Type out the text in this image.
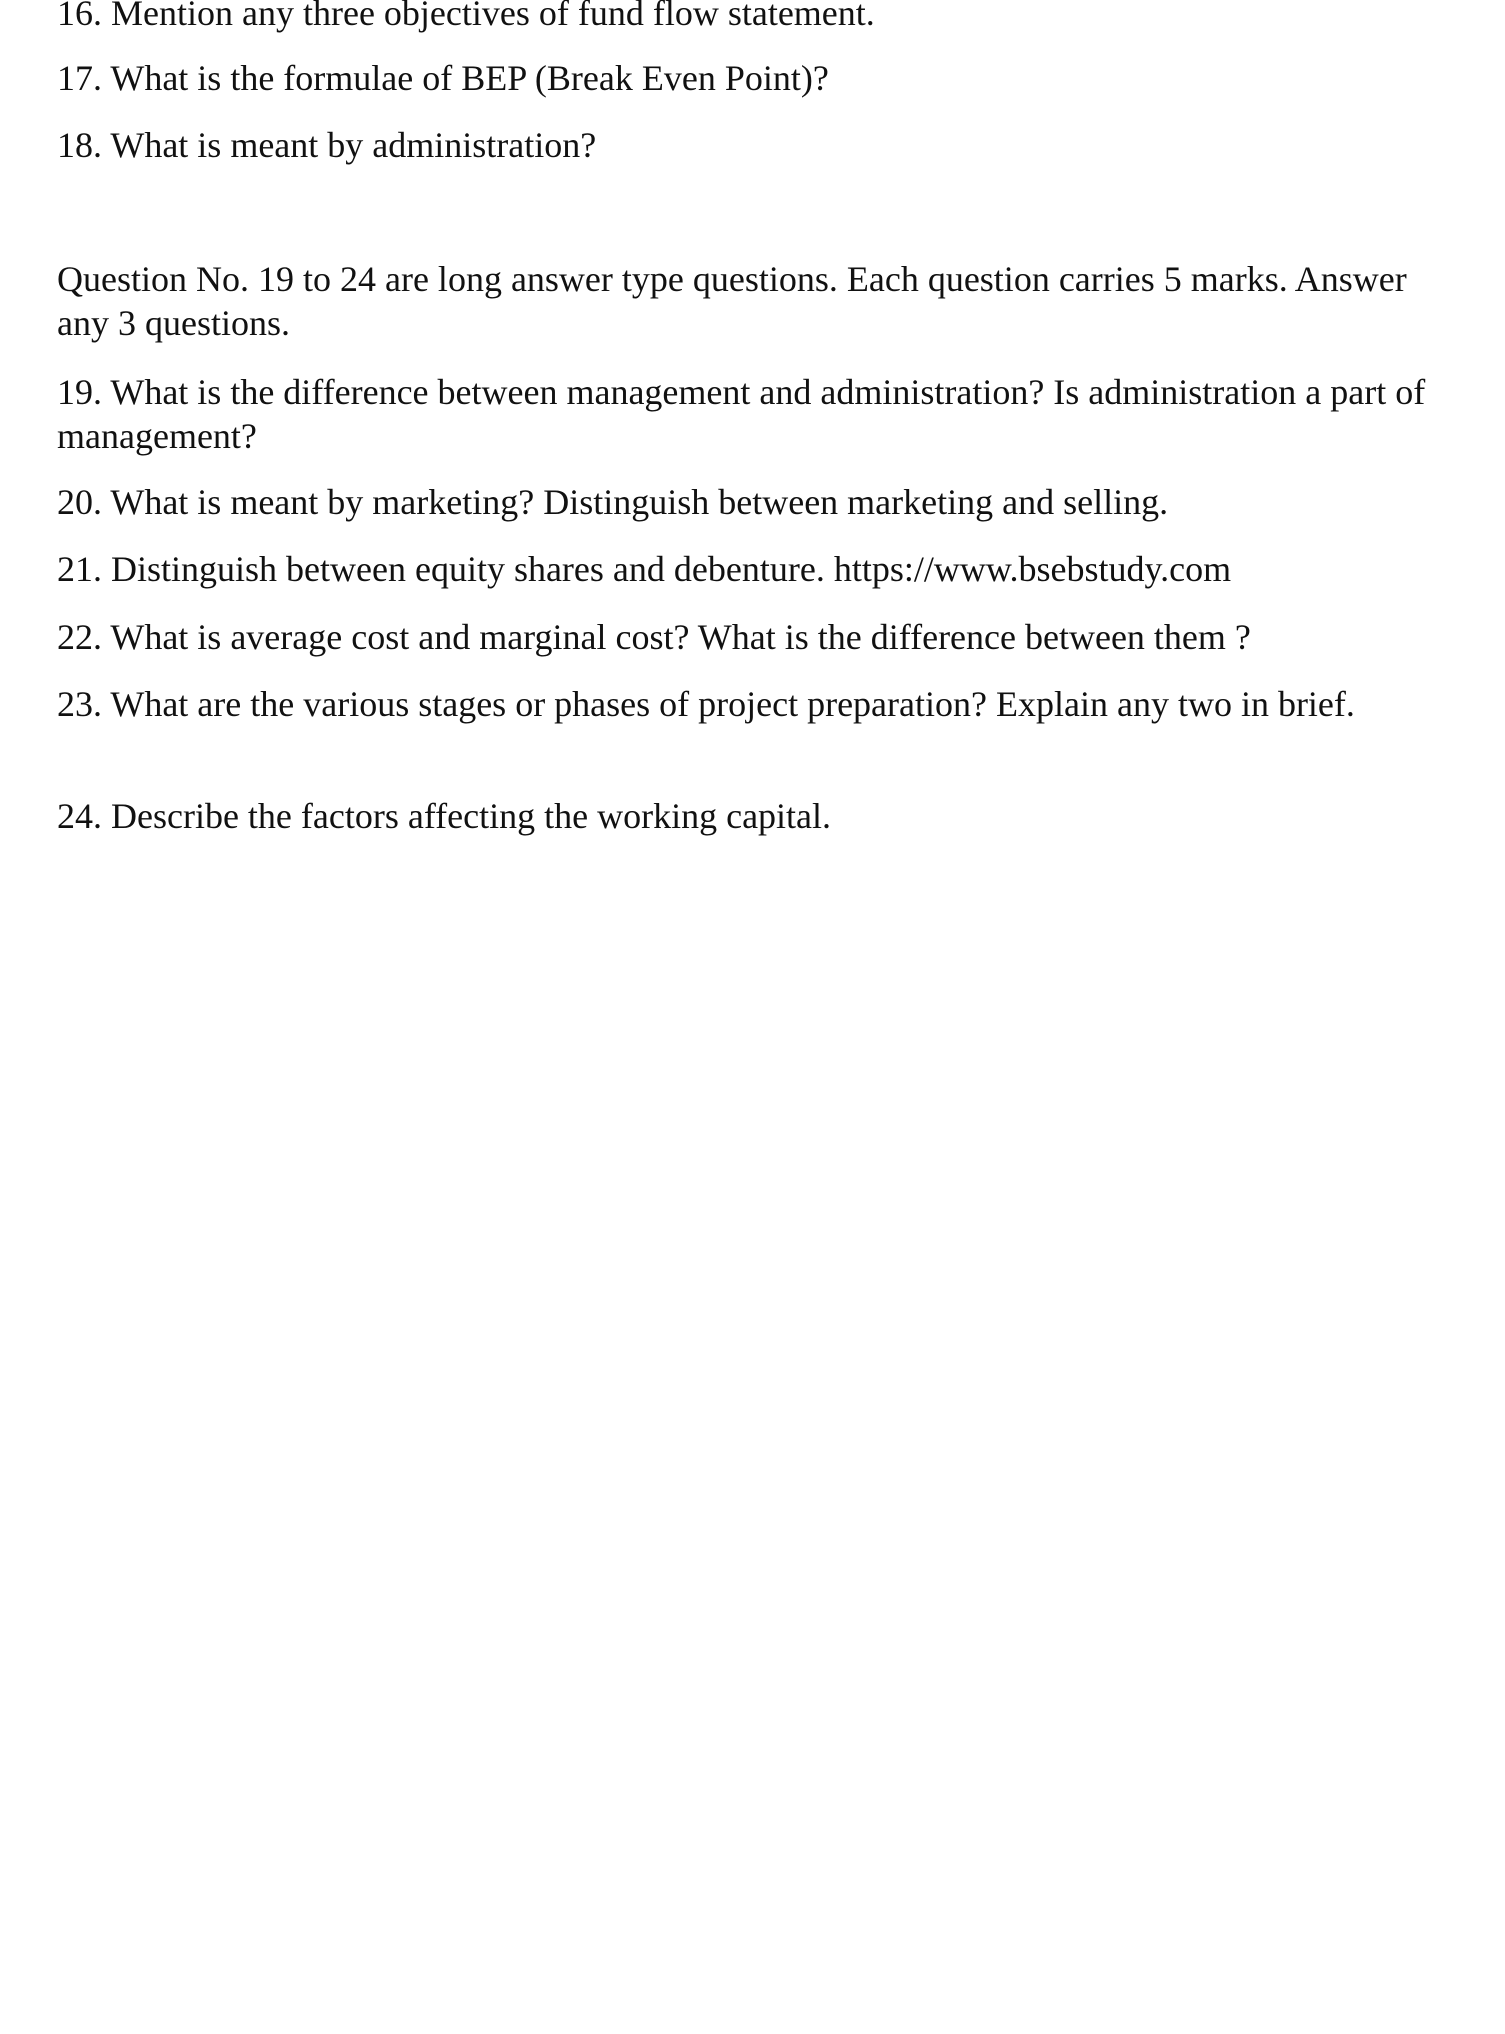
16. Mention any three objectives of fund flow statement.

17. What is the formulae of BEP (Break Even Point)?

18. What is meant by administration?

Question No. 19 to 24 are long answer type questions. Each question carries 5 marks. Answer any 3 questions.

19. What is the difference between management and administration? Is administration a part of management?

20. What is meant by marketing? Distinguish between marketing and selling.

21. Distinguish between equity shares and debenture. https://www.bsebstudy.com

22. What is average cost and marginal cost? What is the difference between them ?

23. What are the various stages or phases of project preparation? Explain any two in brief.

24. Describe the factors affecting the working capital.
